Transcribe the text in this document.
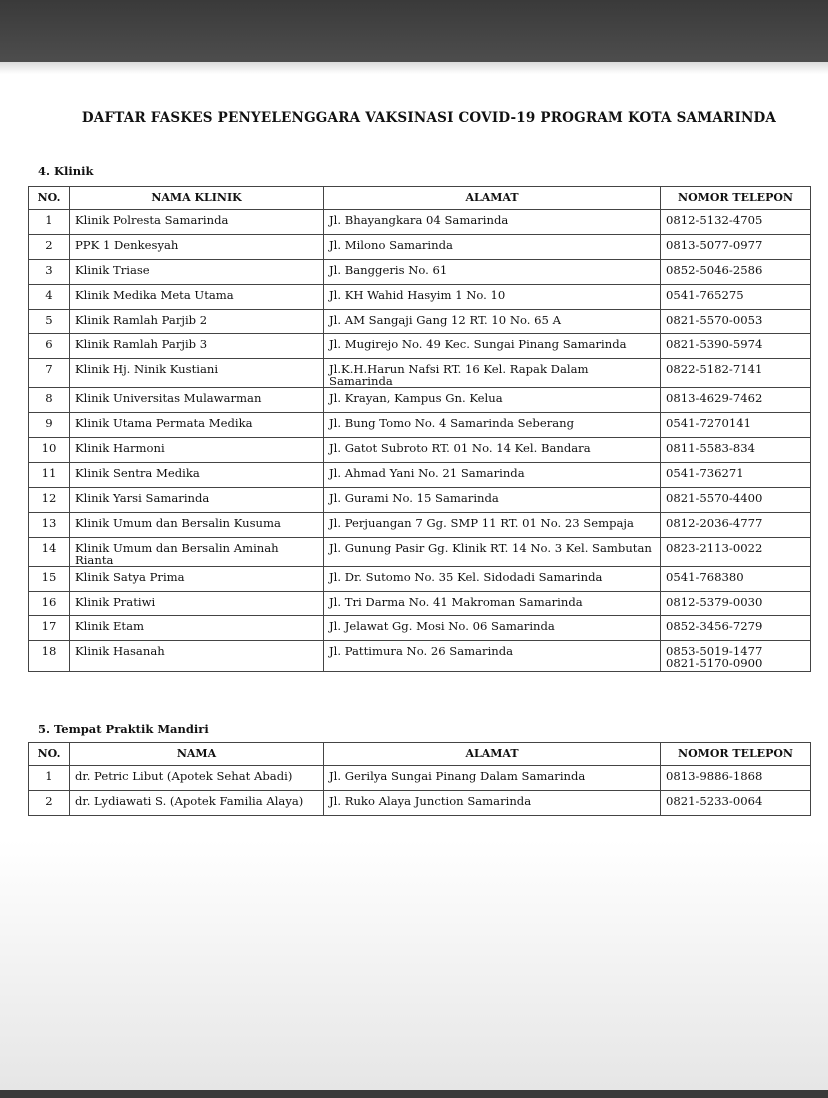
DAFTAR FASKES PENYELENGGARA VAKSINASI COVID-19 PROGRAM KOTA SAMARINDA
4. Klinik
NO.	NAMA KLINIK	ALAMAT	NOMOR TELEPON
1	Klinik Polresta Samarinda	Jl. Bhayangkara 04 Samarinda	0812-5132-4705
2	PPK 1 Denkesyah	Jl. Milono Samarinda	0813-5077-0977
3	Klinik Triase	Jl. Banggeris No. 61	0852-5046-2586
4	Klinik Medika Meta Utama	Jl. KH Wahid Hasyim 1 No. 10	0541-765275
5	Klinik Ramlah Parjib 2	Jl. AM Sangaji Gang 12 RT. 10 No. 65 A	0821-5570-0053
6	Klinik Ramlah Parjib 3	Jl. Mugirejo No. 49 Kec. Sungai Pinang Samarinda	0821-5390-5974
7	Klinik Hj. Ninik Kustiani	Jl.K.H.Harun Nafsi RT. 16 Kel. Rapak Dalam Samarinda	0822-5182-7141
8	Klinik Universitas Mulawarman	Jl. Krayan, Kampus Gn. Kelua	0813-4629-7462
9	Klinik Utama Permata Medika	Jl. Bung Tomo No. 4 Samarinda Seberang	0541-7270141
10	Klinik Harmoni	Jl. Gatot Subroto RT. 01 No. 14 Kel. Bandara	0811-5583-834
11	Klinik Sentra Medika	Jl. Ahmad Yani No. 21 Samarinda	0541-736271
12	Klinik Yarsi Samarinda	Jl. Gurami No. 15 Samarinda	0821-5570-4400
13	Klinik Umum dan Bersalin Kusuma	Jl. Perjuangan 7 Gg. SMP 11 RT. 01 No. 23 Sempaja	0812-2036-4777
14	Klinik Umum dan Bersalin Aminah Rianta	Jl. Gunung Pasir Gg. Klinik RT. 14 No. 3 Kel. Sambutan	0823-2113-0022
15	Klinik Satya Prima	Jl. Dr. Sutomo No. 35 Kel. Sidodadi Samarinda	0541-768380
16	Klinik Pratiwi	Jl. Tri Darma No. 41 Makroman Samarinda	0812-5379-0030
17	Klinik Etam	Jl. Jelawat Gg. Mosi No. 06 Samarinda	0852-3456-7279
18	Klinik Hasanah	Jl. Pattimura No. 26 Samarinda	0853-5019-1477
0821-5170-0900
5. Tempat Praktik Mandiri
NO.	NAMA	ALAMAT	NOMOR TELEPON
1	dr. Petric Libut (Apotek Sehat Abadi)	Jl. Gerilya Sungai Pinang Dalam Samarinda	0813-9886-1868
2	dr. Lydiawati S. (Apotek Familia Alaya)	Jl. Ruko Alaya Junction Samarinda	0821-5233-0064
